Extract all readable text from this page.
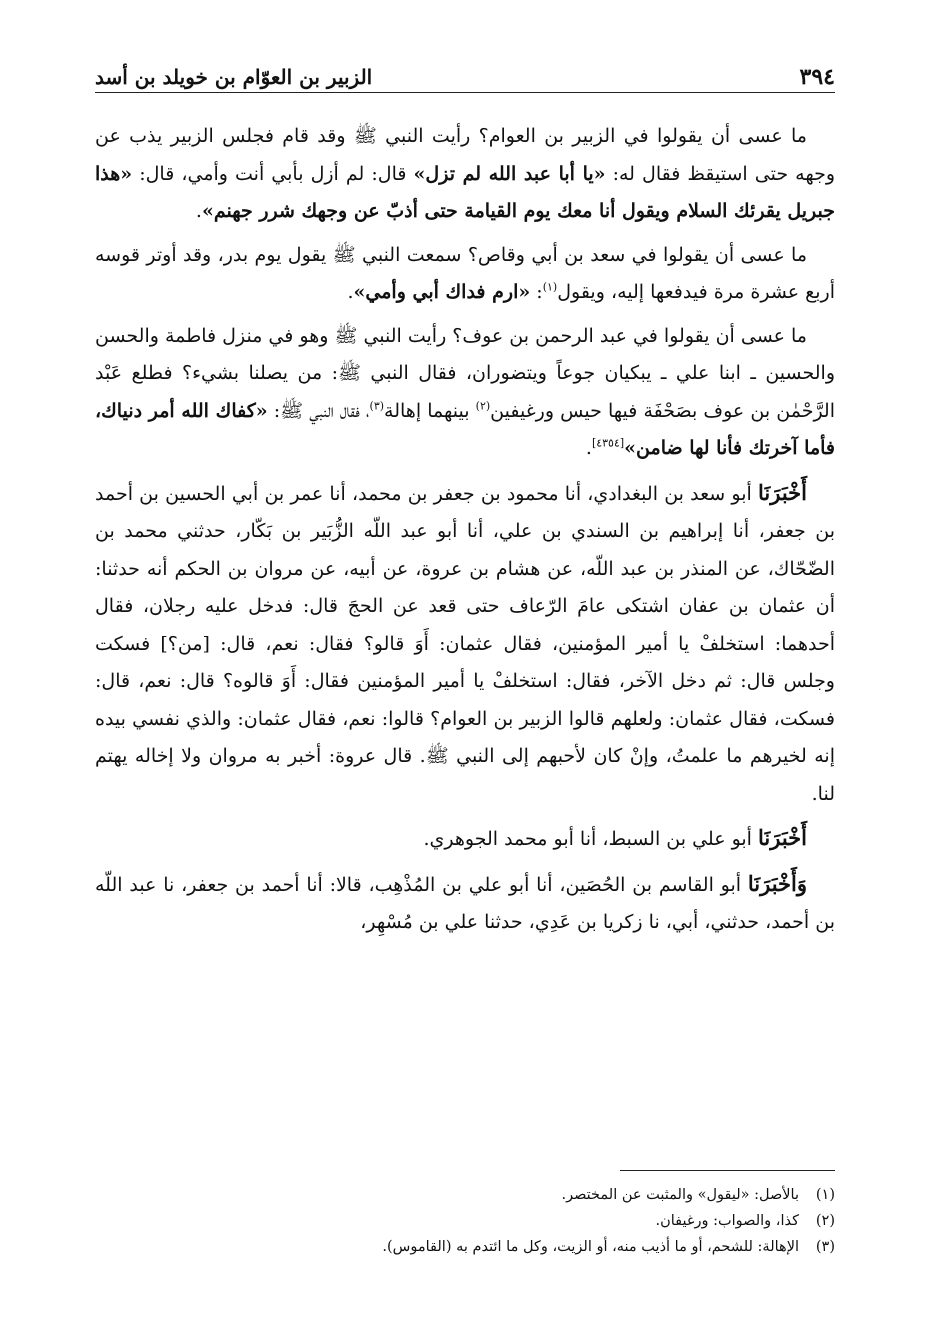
٣٩٤
الزبير بن العوّام بن خويلد بن أسد

ما عسى أن يقولوا في الزبير بن العوام؟ رأيت النبي ﷺ وقد قام فجلس الزبير يذب عن وجهه حتى استيقظ فقال له: «يا أبا عبد الله لم تزل» قال: لم أزل بأبي أنت وأمي، قال: «هذا جبريل يقرئك السلام ويقول أنا معك يوم القيامة حتى أذبّ عن وجهك شرر جهنم».

ما عسى أن يقولوا في سعد بن أبي وقاص؟ سمعت النبي ﷺ يقول يوم بدر، وقد أوتر قوسه أربع عشرة مرة فيدفعها إليه، ويقول$^{(١)}$: «ارم فداك أبي وأمي».

ما عسى أن يقولوا في عبد الرحمن بن عوف؟ رأيت النبي ﷺ وهو في منزل فاطمة والحسن والحسين ـ ابنا علي ـ يبكيان جوعاً ويتضوران، فقال النبي ﷺ: من يصلنا بشيء؟ فطلع عَبْد الرَّحْمٰن بن عوف بصَحْفَة فيها حيس ورغيفين$^{(٢)}$ بينهما إهالة$^{(٣)}$، فقال النبي ﷺ: «كفاك الله أمر دنياك، فأما آخرتك فأنا لها ضامن»[٤٣٥٤].

أَخْبَرَنَا أبو سعد بن البغدادي، أنا محمود بن جعفر بن محمد، أنا عمر بن أبي الحسين بن أحمد بن جعفر، أنا إبراهيم بن السندي بن علي، أنا أبو عبد اللّه الزُّبَير بن بَكّار، حدثني محمد بن الضّحّاك، عن المنذر بن عبد اللّه، عن هشام بن عروة، عن أبيه، عن مروان بن الحكم أنه حدثنا: أن عثمان بن عفان اشتكى عامَ الرّعاف حتى قعد عن الحجَ قال: فدخل عليه رجلان، فقال أحدهما: استخلفْ يا أمير المؤمنين، فقال عثمان: أَوَ قالو؟ فقال: نعم، قال: [من؟] فسكت وجلس قال: ثم دخل الآخر، فقال: استخلفْ يا أمير المؤمنين فقال: أَوَ قالوه؟ قال: نعم، قال: فسكت، فقال عثمان: ولعلهم قالوا الزبير بن العوام؟ قالوا: نعم، فقال عثمان: والذي نفسي بيده إنه لخيرهم ما علمتُ، وإنْ كان لأحبهم إلى النبي ﷺ. قال عروة: أخبر به مروان ولا إخاله يهتم لنا.

أَخْبَرَنَا أبو علي بن السبط، أنا أبو محمد الجوهري.

وَأَخْبَرَنَا أبو القاسم بن الحُصَين، أنا أبو علي بن المُذْهِب، قالا: أنا أحمد بن جعفر، نا عبد اللّه بن أحمد، حدثني، أبي، نا زكريا بن عَدِي، حدثنا علي بن مُسْهِر،

(١)
بالأصل: «ليقول» والمثبت عن المختصر.
(٢)
كذا، والصواب: ورغيفان.
(٣)
الإهالة: للشحم، أو ما أذيب منه، أو الزيت، وكل ما ائتدم به (القاموس).
